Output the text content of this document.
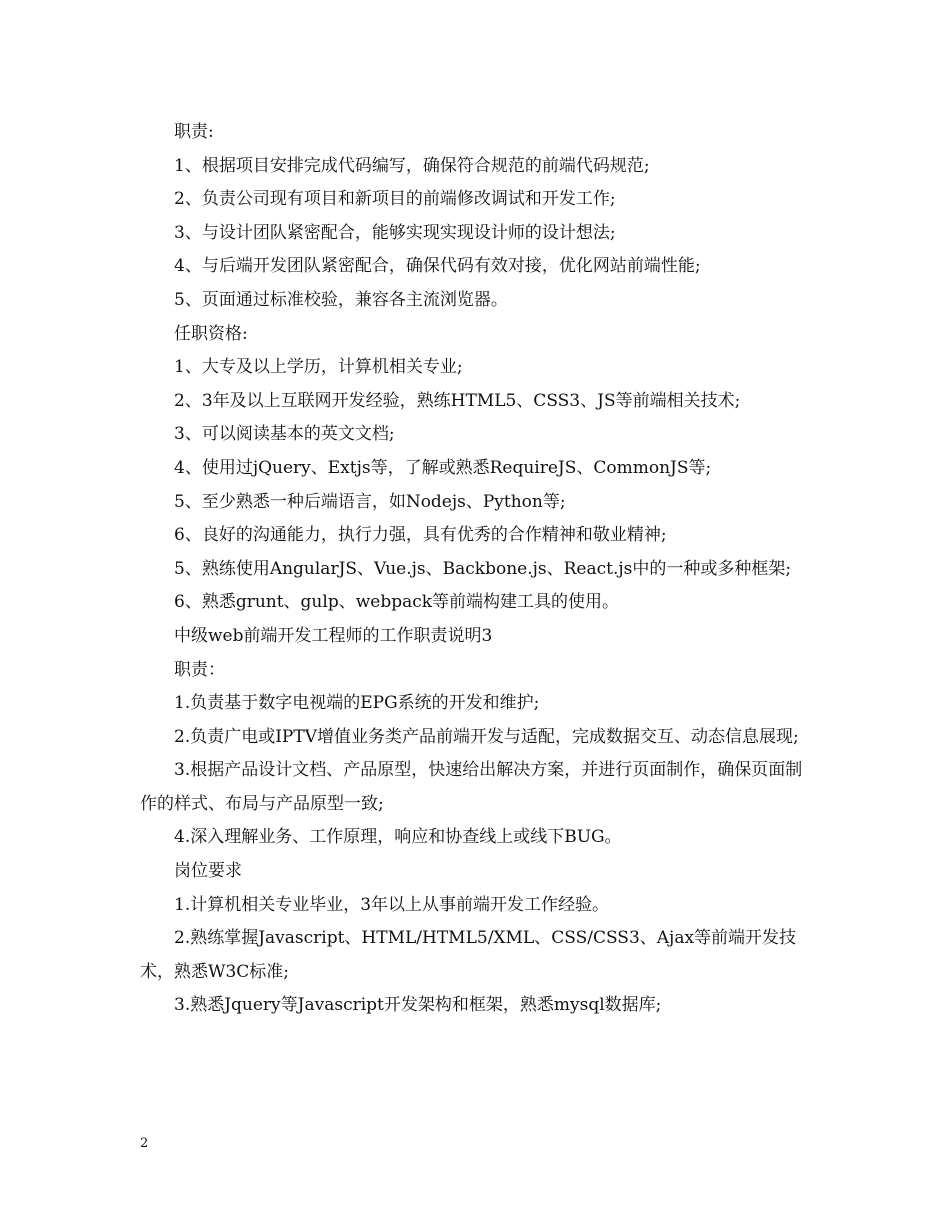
职责:

1、根据项目安排完成代码编写，确保符合规范的前端代码规范;

2、负责公司现有项目和新项目的前端修改调试和开发工作;

3、与设计团队紧密配合，能够实现实现设计师的设计想法;

4、与后端开发团队紧密配合，确保代码有效对接，优化网站前端性能;

5、页面通过标准校验，兼容各主流浏览器。

任职资格:

1、大专及以上学历，计算机相关专业;

2、3年及以上互联网开发经验，熟练HTML5、CSS3、JS等前端相关技术;

3、可以阅读基本的英文文档;

4、使用过jQuery、Extjs等，了解或熟悉RequireJS、CommonJS等;

5、至少熟悉一种后端语言，如Nodejs、Python等;

6、良好的沟通能力，执行力强，具有优秀的合作精神和敬业精神;

5、熟练使用AngularJS、Vue.js、Backbone.js、React.js中的一种或多种框架;

6、熟悉grunt、gulp、webpack等前端构建工具的使用。

中级web前端开发工程师的工作职责说明3

职责：

1.负责基于数字电视端的EPG系统的开发和维护;

2.负责广电或IPTV增值业务类产品前端开发与适配，完成数据交互、动态信息展现;

3.根据产品设计文档、产品原型，快速给出解决方案，并进行页面制作，确保页面制作的样式、布局与产品原型一致;

4.深入理解业务、工作原理，响应和协查线上或线下BUG。

岗位要求

1.计算机相关专业毕业，3年以上从事前端开发工作经验。

2.熟练掌握Javascript、HTML/HTML5/XML、CSS/CSS3、Ajax等前端开发技术，熟悉W3C标准;

3.熟悉Jquery等Javascript开发架构和框架，熟悉mysql数据库;

2
